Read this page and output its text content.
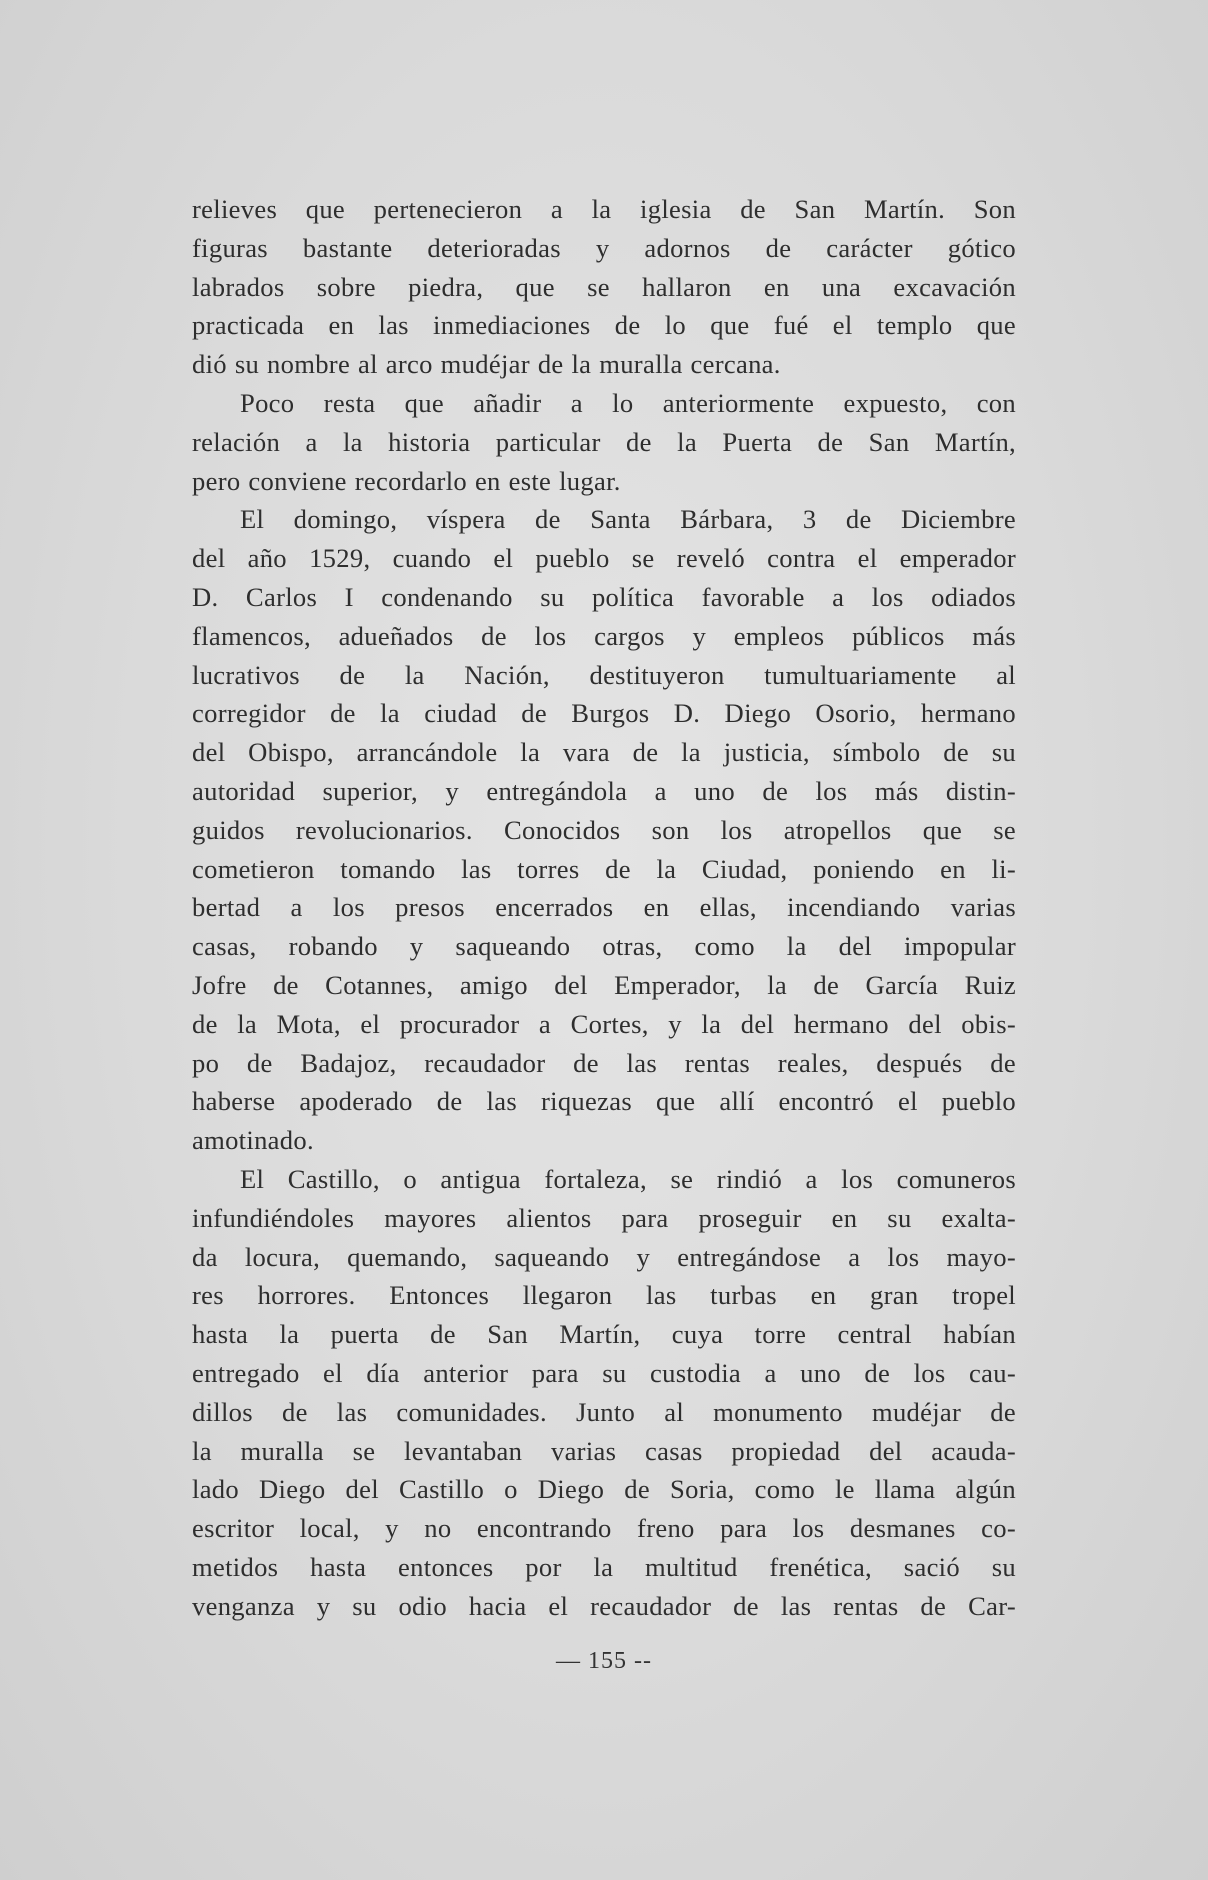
relieves que pertenecieron a la iglesia de San Martín. Son
figuras bastante deterioradas y adornos de carácter gótico
labrados sobre piedra, que se hallaron en una excavación
practicada en las inmediaciones de lo que fué el templo que
dió su nombre al arco mudéjar de la muralla cercana.

Poco resta que añadir a lo anteriormente expuesto, con
relación a la historia particular de la Puerta de San Martín,
pero conviene recordarlo en este lugar.

El domingo, víspera de Santa Bárbara, 3 de Diciembre
del año 1529, cuando el pueblo se reveló contra el emperador
D. Carlos I condenando su política favorable a los odiados
flamencos, adueñados de los cargos y empleos públicos más
lucrativos de la Nación, destituyeron tumultuariamente al
corregidor de la ciudad de Burgos D. Diego Osorio, hermano
del Obispo, arrancándole la vara de la justicia, símbolo de su
autoridad superior, y entregándola a uno de los más distin-
guidos revolucionarios. Conocidos son los atropellos que se
cometieron tomando las torres de la Ciudad, poniendo en li-
bertad a los presos encerrados en ellas, incendiando varias
casas, robando y saqueando otras, como la del impopular
Jofre de Cotannes, amigo del Emperador, la de García Ruiz
de la Mota, el procurador a Cortes, y la del hermano del obis-
po de Badajoz, recaudador de las rentas reales, después de
haberse apoderado de las riquezas que allí encontró el pueblo
amotinado.

El Castillo, o antigua fortaleza, se rindió a los comuneros
infundiéndoles mayores alientos para proseguir en su exalta-
da locura, quemando, saqueando y entregándose a los mayo-
res horrores. Entonces llegaron las turbas en gran tropel
hasta la puerta de San Martín, cuya torre central habían
entregado el día anterior para su custodia a uno de los cau-
dillos de las comunidades. Junto al monumento mudéjar de
la muralla se levantaban varias casas propiedad del acauda-
lado Diego del Castillo o Diego de Soria, como le llama algún
escritor local, y no encontrando freno para los desmanes co-
metidos hasta entonces por la multitud frenética, sació su
venganza y su odio hacia el recaudador de las rentas de Car-

— 155 --
